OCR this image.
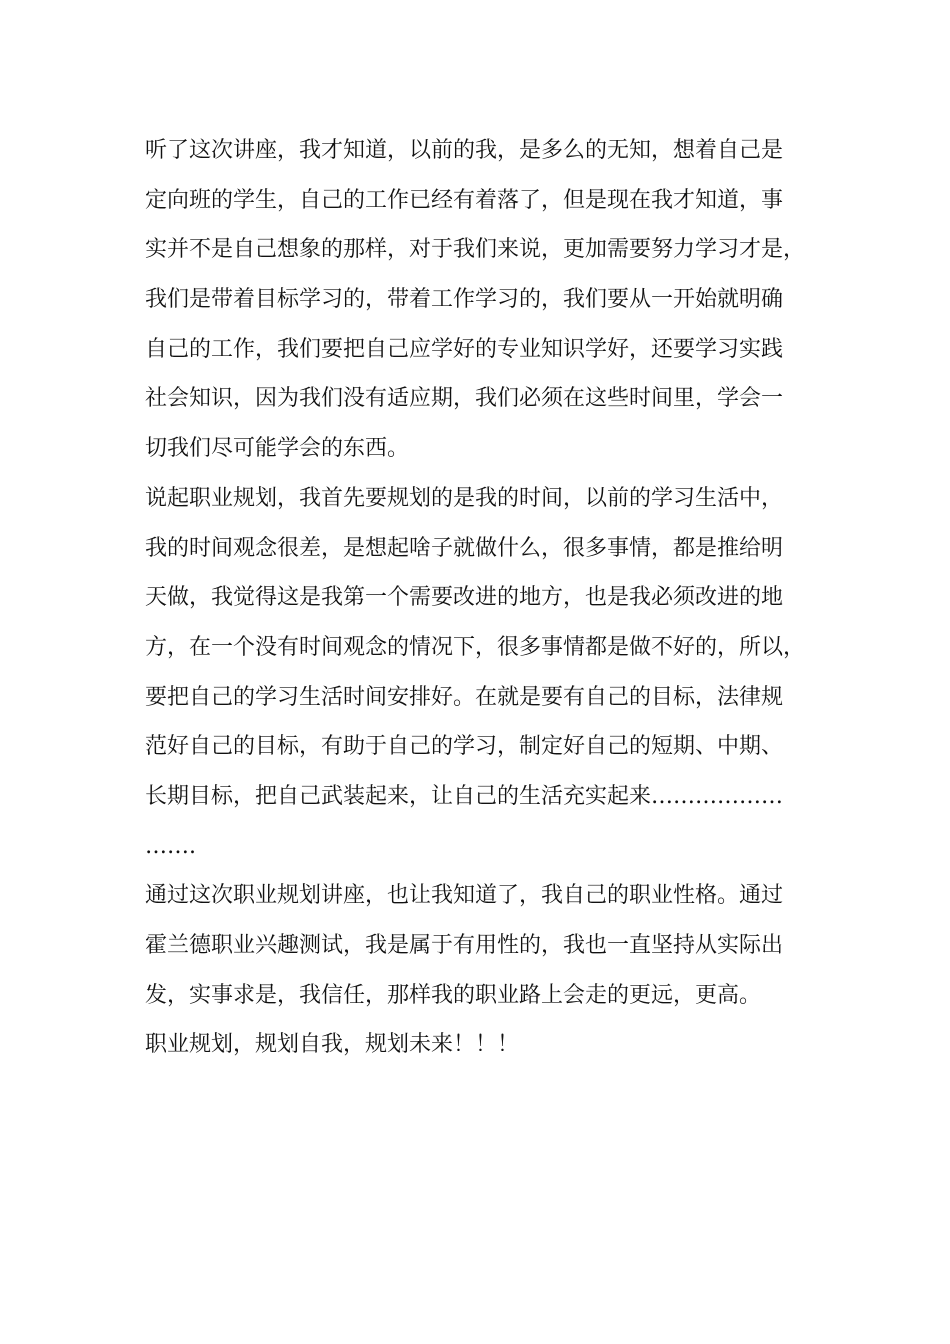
听了这次讲座，我才知道，以前的我，是多么的无知，想着自己是
定向班的学生，自己的工作已经有着落了，但是现在我才知道，事
实并不是自己想象的那样，对于我们来说，更加需要努力学习才是，
我们是带着目标学习的，带着工作学习的，我们要从一开始就明确
自己的工作，我们要把自己应学好的专业知识学好，还要学习实践
社会知识，因为我们没有适应期，我们必须在这些时间里，学会一
切我们尽可能学会的东西。
说起职业规划，我首先要规划的是我的时间，以前的学习生活中，
我的时间观念很差，是想起啥子就做什么，很多事情，都是推给明
天做，我觉得这是我第一个需要改进的地方，也是我必须改进的地
方，在一个没有时间观念的情况下，很多事情都是做不好的，所以，
要把自己的学习生活时间安排好。在就是要有自己的目标，法律规
范好自己的目标，有助于自己的学习，制定好自己的短期、中期、
长期目标，把自己武装起来，让自己的生活充实起来………………
…….
通过这次职业规划讲座，也让我知道了，我自己的职业性格。通过
霍兰德职业兴趣测试，我是属于有用性的，我也一直坚持从实际出
发，实事求是，我信任，那样我的职业路上会走的更远，更高。
职业规划，规划自我，规划未来！！！
